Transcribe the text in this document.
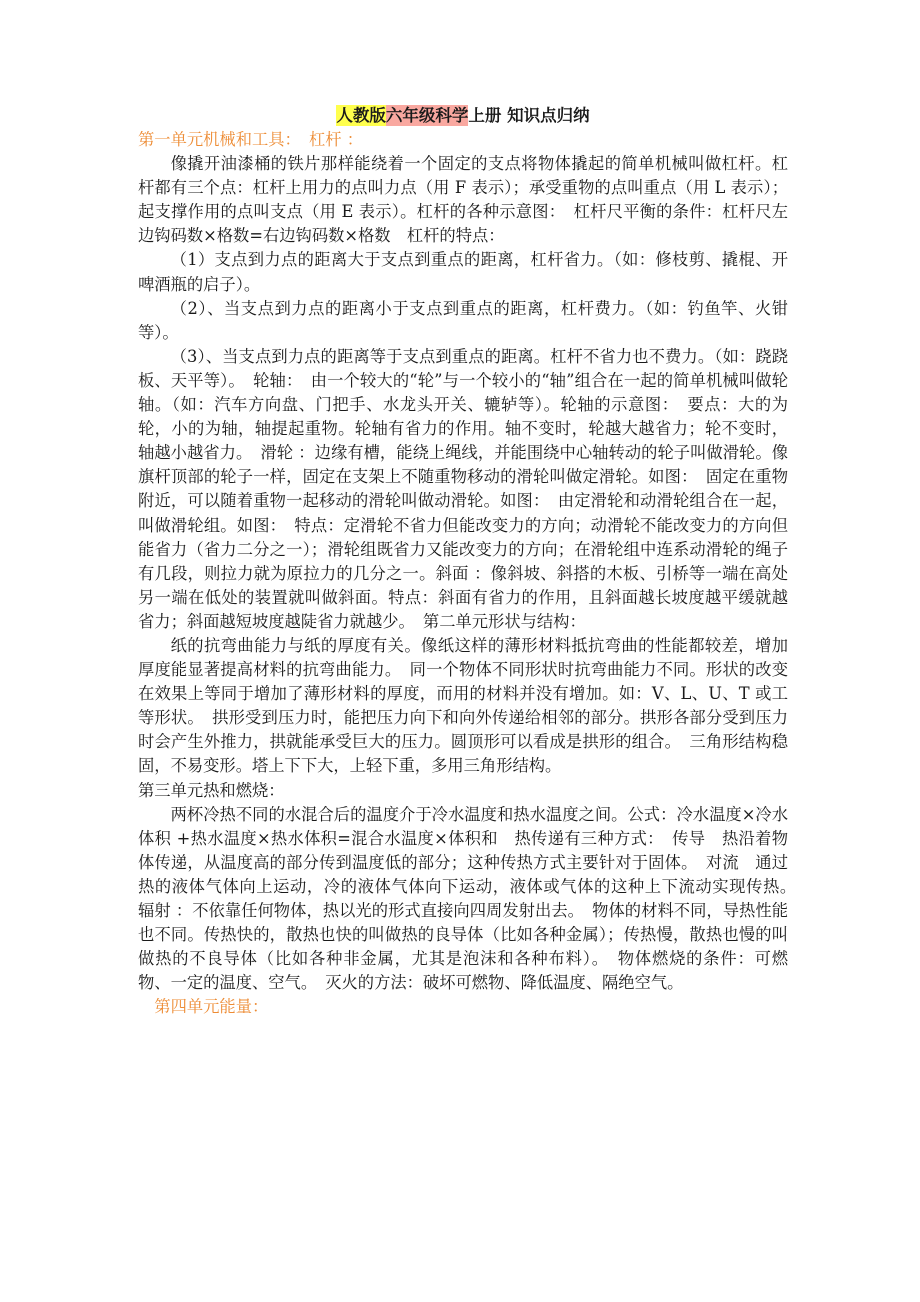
人教版六年级科学上册 知识点归纳

第一单元机械和工具：　杠杆 ：

像撬开油漆桶的铁片那样能绕着一个固定的支点将物体撬起的简单机械叫做杠杆。杠杆都有三个点：杠杆上用力的点叫力点（用 F 表示）；承受重物的点叫重点（用 L 表示）；起支撑作用的点叫支点（用 E 表示）。杠杆的各种示意图：　杠杆尺平衡的条件：杠杆尺左边钩码数×格数=右边钩码数×格数　杠杆的特点：

（1）支点到力点的距离大于支点到重点的距离，杠杆省力。（如：修枝剪、撬棍、开啤酒瓶的启子）。

（2）、当支点到力点的距离小于支点到重点的距离，杠杆费力。（如：钓鱼竿、火钳等）。

（3）、当支点到力点的距离等于支点到重点的距离。杠杆不省力也不费力。（如：跷跷板、天平等）。　轮轴：　由一个较大的“轮”与一个较小的“轴”组合在一起的简单机械叫做轮轴。（如：汽车方向盘、门把手、水龙头开关、辘轳等）。轮轴的示意图：　要点：大的为轮，小的为轴，轴提起重物。轮轴有省力的作用。轴不变时，轮越大越省力；轮不变时，轴越小越省力。　滑轮 ：边缘有槽，能绕上绳线，并能围绕中心轴转动的轮子叫做滑轮。像旗杆顶部的轮子一样，固定在支架上不随重物移动的滑轮叫做定滑轮。如图：　固定在重物附近，可以随着重物一起移动的滑轮叫做动滑轮。如图：　由定滑轮和动滑轮组合在一起，叫做滑轮组。如图：　特点：定滑轮不省力但能改变力的方向；动滑轮不能改变力的方向但能省力（省力二分之一）；滑轮组既省力又能改变力的方向；在滑轮组中连系动滑轮的绳子有几段，则拉力就为原拉力的几分之一。斜面 ：像斜坡、斜搭的木板、引桥等一端在高处另一端在低处的装置就叫做斜面。特点：斜面有省力的作用，且斜面越长坡度越平缓就越省力；斜面越短坡度越陡省力就越少。　第二单元形状与结构：

纸的抗弯曲能力与纸的厚度有关。像纸这样的薄形材料抵抗弯曲的性能都较差，增加厚度能显著提高材料的抗弯曲能力。　同一个物体不同形状时抗弯曲能力不同。形状的改变在效果上等同于增加了薄形材料的厚度，而用的材料并没有增加。如：V、L、U、T 或工等形状。　拱形受到压力时，能把压力向下和向外传递给相邻的部分。拱形各部分受到压力时会产生外推力，拱就能承受巨大的压力。圆顶形可以看成是拱形的组合。　三角形结构稳固，不易变形。塔上下下大，上轻下重，多用三角形结构。

第三单元热和燃烧：

两杯冷热不同的水混合后的温度介于冷水温度和热水温度之间。公式：冷水温度×冷水体积 +热水温度×热水体积=混合水温度×体积和　热传递有三种方式：　传导　热沿着物体传递，从温度高的部分传到温度低的部分；这种传热方式主要针对于固体。　对流　通过热的液体气体向上运动，冷的液体气体向下运动，液体或气体的这种上下流动实现传热。　辐射 ：不依靠任何物体，热以光的形式直接向四周发射出去。　物体的材料不同，导热性能也不同。传热快的，散热也快的叫做热的良导体（比如各种金属）；传热慢，散热也慢的叫做热的不良导体（比如各种非金属，尤其是泡沫和各种布料）。　物体燃烧的条件：可燃物、一定的温度、空气。　灭火的方法：破坏可燃物、降低温度、隔绝空气。

第四单元能量：
